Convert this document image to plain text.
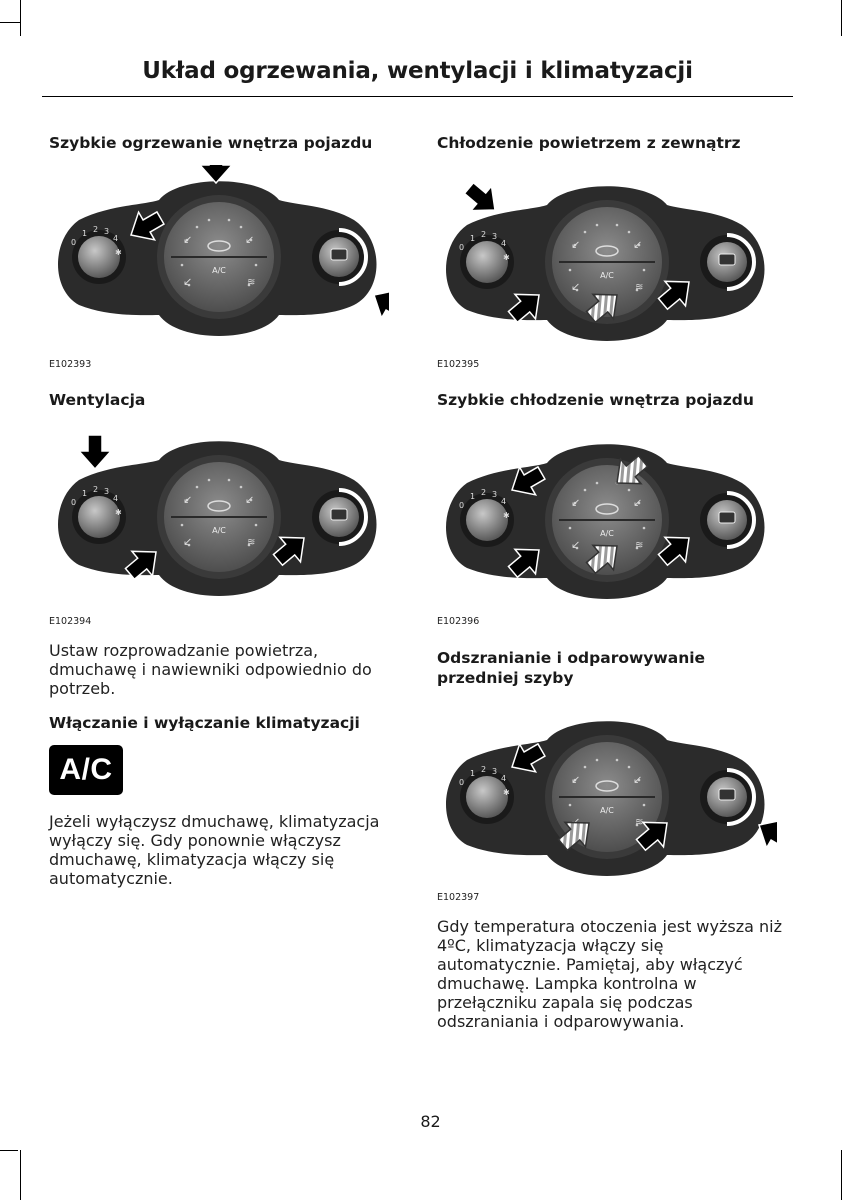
Układ ogrzewania, wentylacji i klimatyzacji
Szybkie ogrzewanie wnętrza pojazdu
E102393
Chłodzenie powietrzem z zewnątrz
E102395
Wentylacja
E102394
Ustaw rozprowadzanie powietrza,
dmuchawę i nawiewniki odpowiednio do
potrzeb.
Szybkie chłodzenie wnętrza pojazdu
E102396
Włączanie i wyłączanie klimatyzacji
A/C
Jeżeli wyłączysz dmuchawę, klimatyzacja
wyłączy się. Gdy ponownie włączysz
dmuchawę, klimatyzacja włączy się
automatycznie.
Odszranianie i odparowywanie
przedniej szyby
E102397
Gdy temperatura otoczenia jest wyższa niż
4ºC, klimatyzacja włączy się
automatycznie. Pamiętaj, aby włączyć
dmuchawę. Lampka kontrolna w
przełączniku zapala się podczas
odszraniania i odparowywania.
82
